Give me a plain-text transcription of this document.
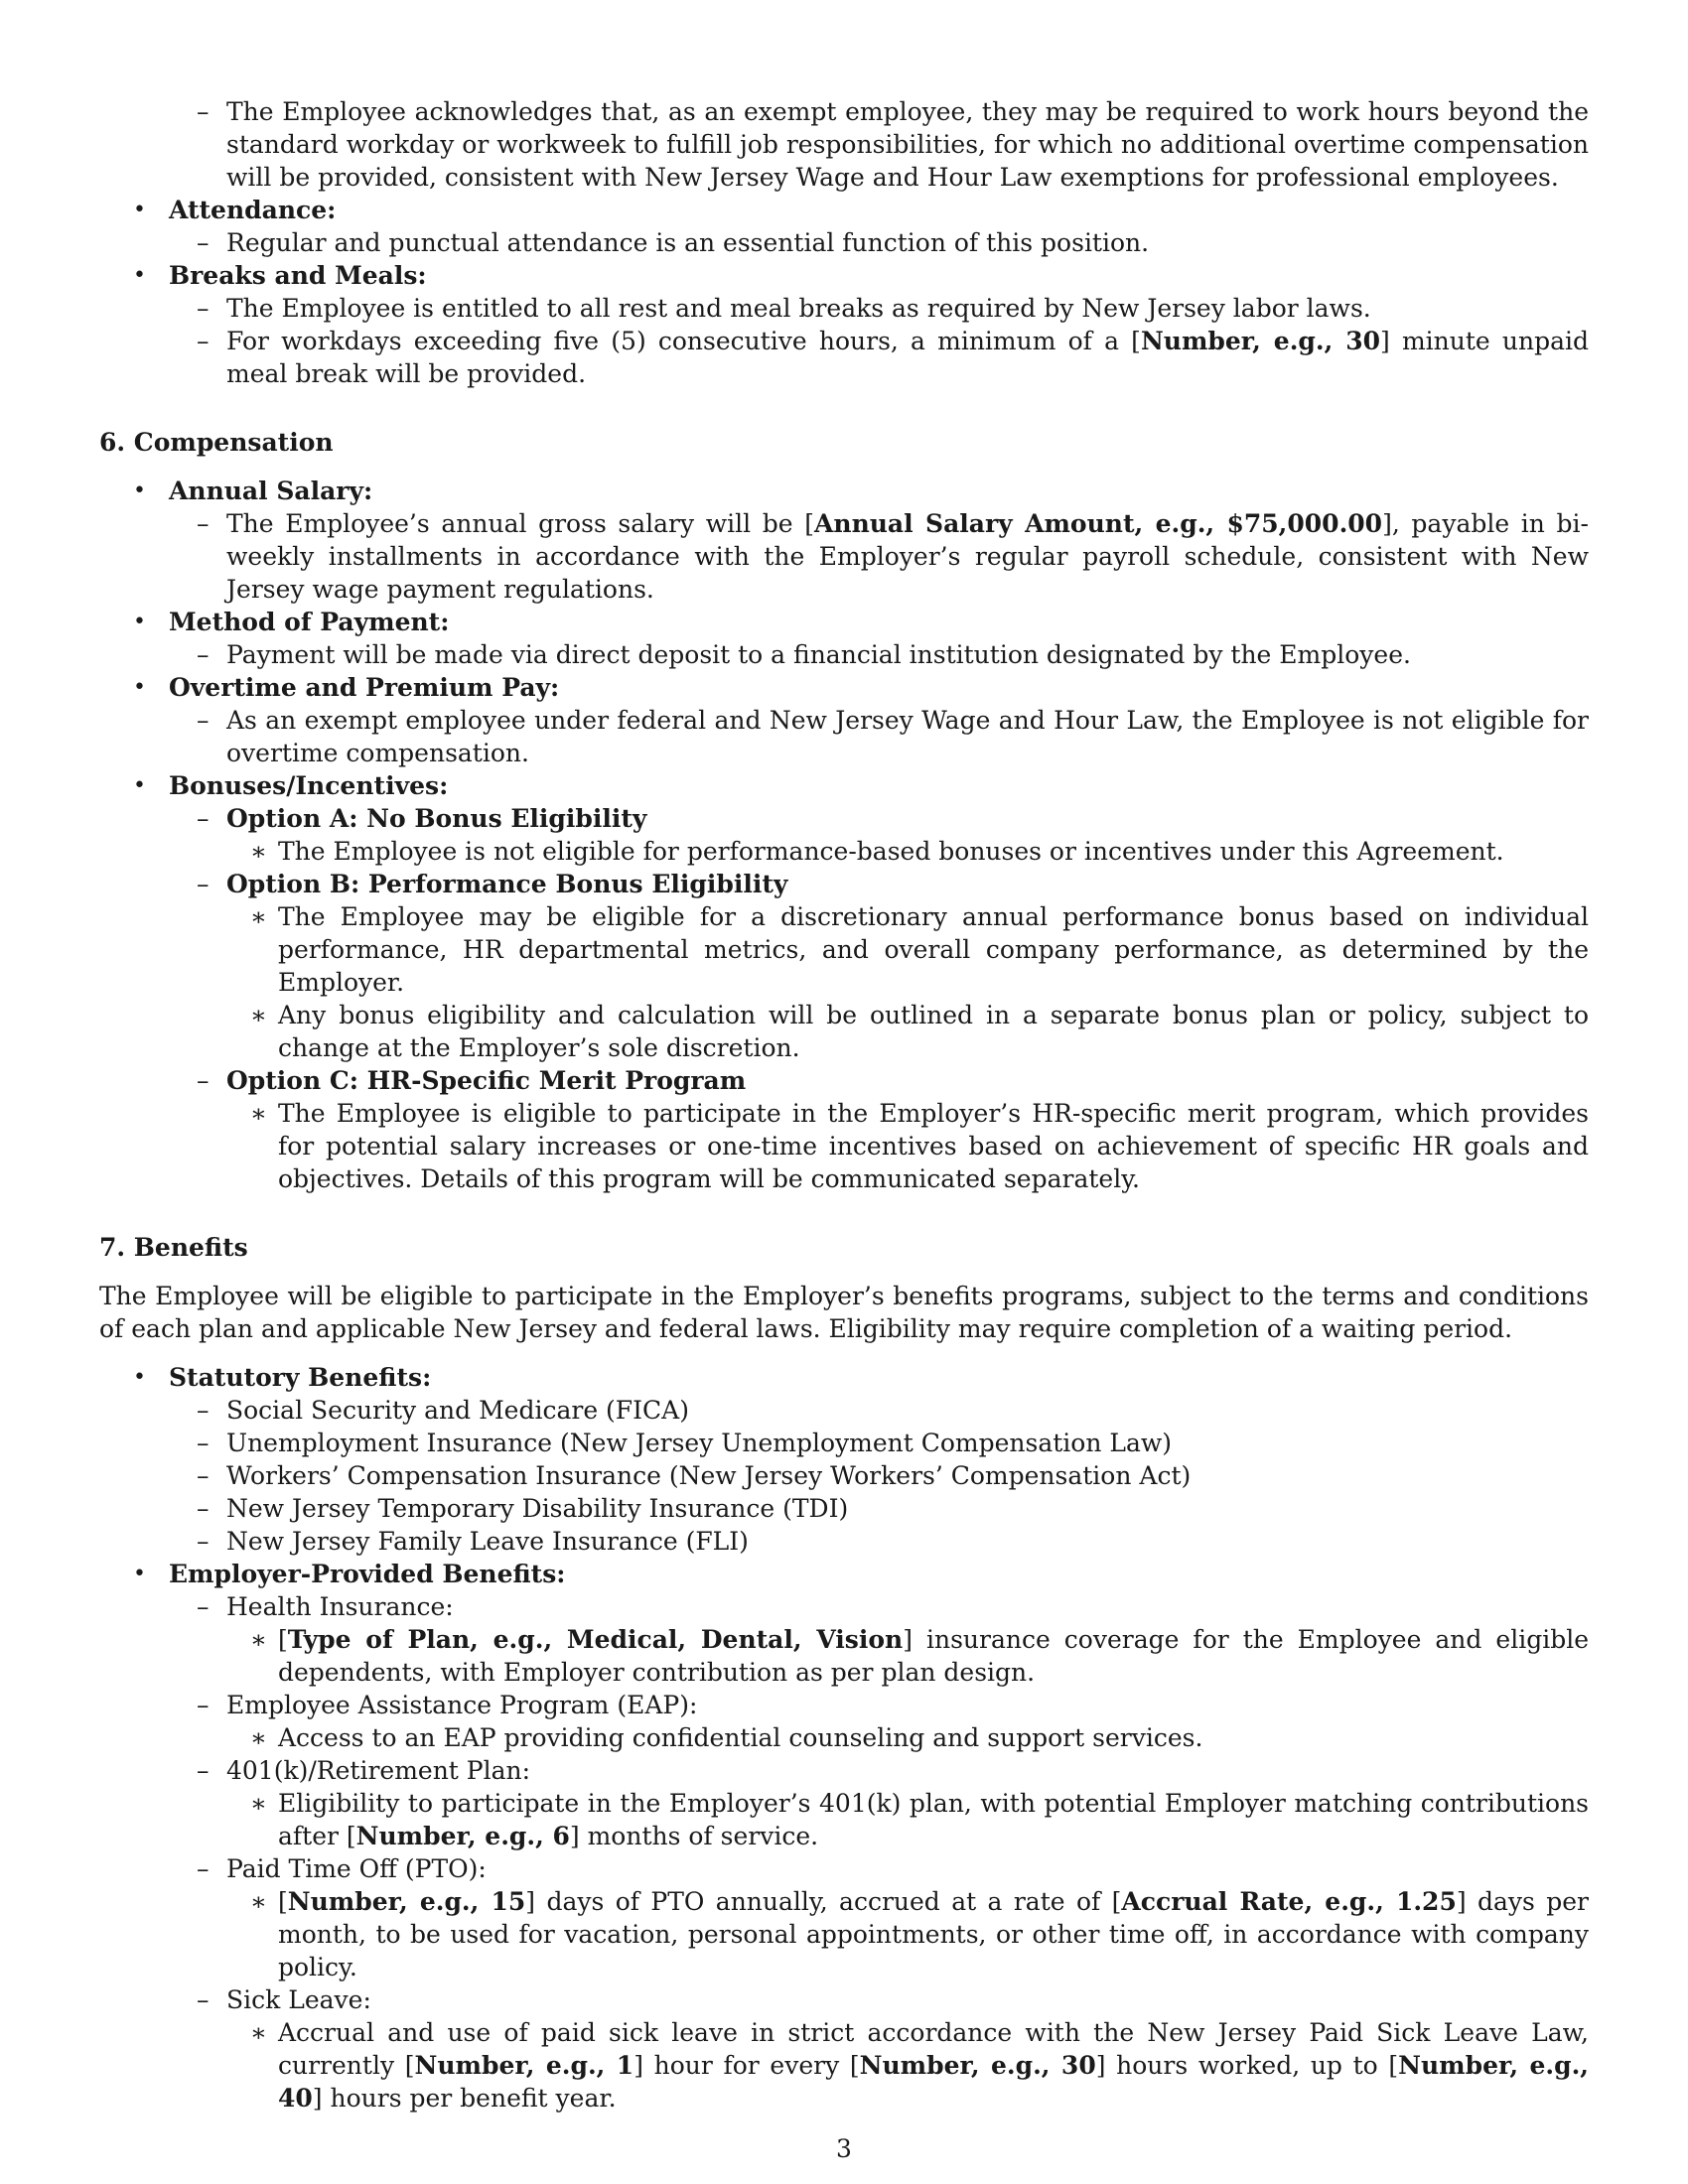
– The Employee acknowledges that, as an exempt employee, they may be required to work hours beyond the standard workday or workweek to fulfill job responsibilities, for which no additional overtime compensation will be provided, consistent with New Jersey Wage and Hour Law exemptions for professional employees.
• Attendance:
– Regular and punctual attendance is an essential function of this position.
• Breaks and Meals:
– The Employee is entitled to all rest and meal breaks as required by New Jersey labor laws.
– For workdays exceeding five (5) consecutive hours, a minimum of a [Number, e.g., 30] minute unpaid meal break will be provided.

6. Compensation

• Annual Salary:
– The Employee’s annual gross salary will be [Annual Salary Amount, e.g., $75,000.00], payable in bi-weekly installments in accordance with the Employer’s regular payroll schedule, consistent with New Jersey wage payment regulations.
• Method of Payment:
– Payment will be made via direct deposit to a financial institution designated by the Employee.
• Overtime and Premium Pay:
– As an exempt employee under federal and New Jersey Wage and Hour Law, the Employee is not eligible for overtime compensation.
• Bonuses/Incentives:
– Option A: No Bonus Eligibility
∗ The Employee is not eligible for performance-based bonuses or incentives under this Agreement.
– Option B: Performance Bonus Eligibility
∗ The Employee may be eligible for a discretionary annual performance bonus based on individual performance, HR departmental metrics, and overall company performance, as determined by the Employer.
∗ Any bonus eligibility and calculation will be outlined in a separate bonus plan or policy, subject to change at the Employer’s sole discretion.
– Option C: HR-Specific Merit Program
∗ The Employee is eligible to participate in the Employer’s HR-specific merit program, which provides for potential salary increases or one-time incentives based on achievement of specific HR goals and objectives. Details of this program will be communicated separately.

7. Benefits

The Employee will be eligible to participate in the Employer’s benefits programs, subject to the terms and conditions of each plan and applicable New Jersey and federal laws. Eligibility may require completion of a waiting period.

• Statutory Benefits:
– Social Security and Medicare (FICA)
– Unemployment Insurance (New Jersey Unemployment Compensation Law)
– Workers’ Compensation Insurance (New Jersey Workers’ Compensation Act)
– New Jersey Temporary Disability Insurance (TDI)
– New Jersey Family Leave Insurance (FLI)
• Employer-Provided Benefits:
– Health Insurance:
∗ [Type of Plan, e.g., Medical, Dental, Vision] insurance coverage for the Employee and eligible dependents, with Employer contribution as per plan design.
– Employee Assistance Program (EAP):
∗ Access to an EAP providing confidential counseling and support services.
– 401(k)/Retirement Plan:
∗ Eligibility to participate in the Employer’s 401(k) plan, with potential Employer matching contributions after [Number, e.g., 6] months of service.
– Paid Time Off (PTO):
∗ [Number, e.g., 15] days of PTO annually, accrued at a rate of [Accrual Rate, e.g., 1.25] days per month, to be used for vacation, personal appointments, or other time off, in accordance with company policy.
– Sick Leave:
∗ Accrual and use of paid sick leave in strict accordance with the New Jersey Paid Sick Leave Law, currently [Number, e.g., 1] hour for every [Number, e.g., 30] hours worked, up to [Number, e.g., 40] hours per benefit year.
3
